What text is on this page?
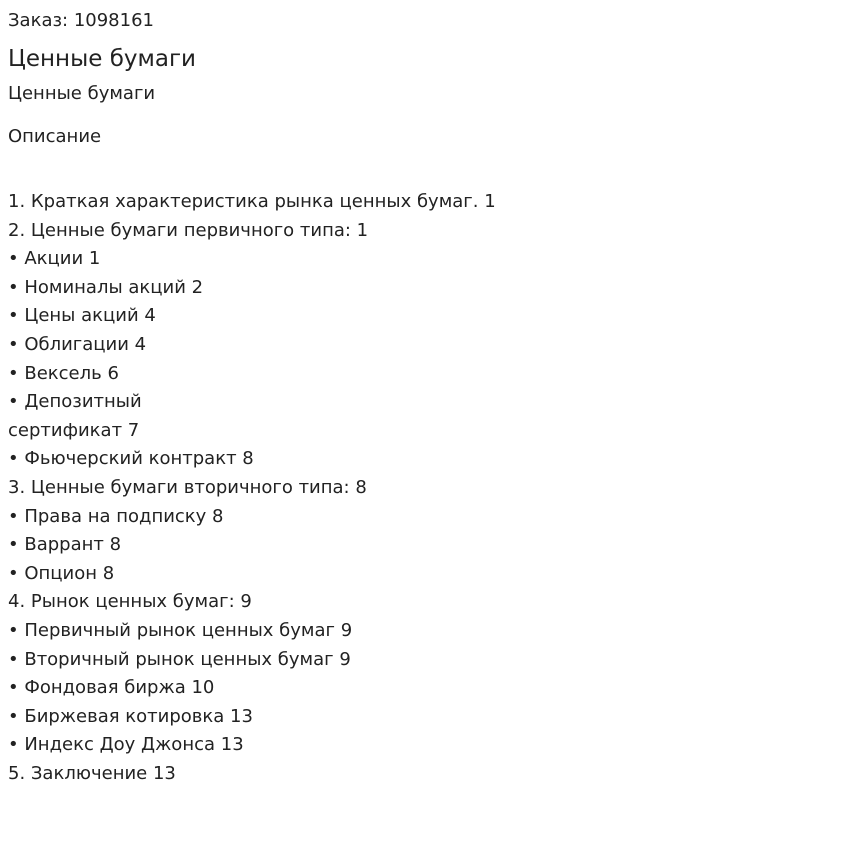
Заказ: 1098161

Ценные бумаги

Ценные бумаги

Описание
1. Краткая характеристика рынка ценных бумаг. 1
2. Ценные бумаги первичного типа: 1
• Акции 1
• Номиналы акций 2
• Цены акций 4
• Облигации 4
• Вексель 6
• Депозитный
сертификат 7
• Фьючерский контракт 8
3. Ценные бумаги вторичного типа: 8
• Права на подписку 8
• Варрант 8
• Опцион 8
4. Рынок ценных бумаг: 9
• Первичный рынок ценных бумаг 9
• Вторичный рынок ценных бумаг 9
• Фондовая биржа 10
• Биржевая котировка 13
• Индекс Доу Джонса 13
5. Заключение 13
